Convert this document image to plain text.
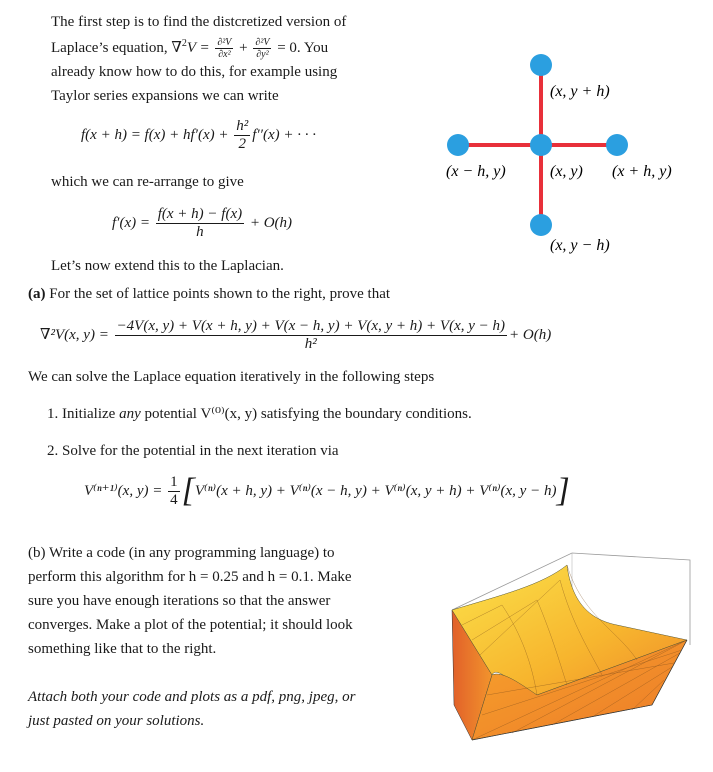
The first step is to find the distcretized version of
Laplace’s equation, $\nabla^2V = \frac{\text{∂²V}}{\text{∂x²}} + \frac{\text{∂²V}}{\text{∂y²}} = 0$. You
already know how to do this, for example using
Taylor series expansions we can write
$f(x + h) = f(x) + hf'(x) + \frac{\text{h²}}{2} f''(x)$ + · · ·
which we can re-arrange to give
$f'(x) = \frac{f(x + h) - f(x)}{h} + O(h)$
Let’s now extend this to the Laplacian.
(a) For the set of lattice points shown to the right, prove that
∇²V(x, y) =
−4V(x, y) + V(x + h, y) + V(x − h, y) + V(x, y + h) + V(x, y − h)
h²
+ O(h)
We can solve the Laplace equation iteratively in the following steps
1. Initialize any potential V⁽⁰⁾(x, y) satisfying the boundary conditions.
2. Solve for the potential in the next iteration via
V⁽ⁿ⁺¹⁾(x, $y) = \frac{1}{4} [V^{(n)}(x + h$, y) + V⁽ⁿ⁾(x − h, y) + V⁽ⁿ⁾(x, y + h) + V⁽ⁿ⁾(x, y − h)]
(b) Write a code (in any programming language) to
perform this algorithm for h = 0.25 and h = 0.1. Make
sure you have enough iterations so that the answer
converges. Make a plot of the potential; it should look
something like that to the right.
Attach both your code and plots as a pdf, png, jpeg, or
just pasted on your solutions.
(x, y + h)
(x − h, y)	(x, y) (x + h, y)
(x, y − h)
